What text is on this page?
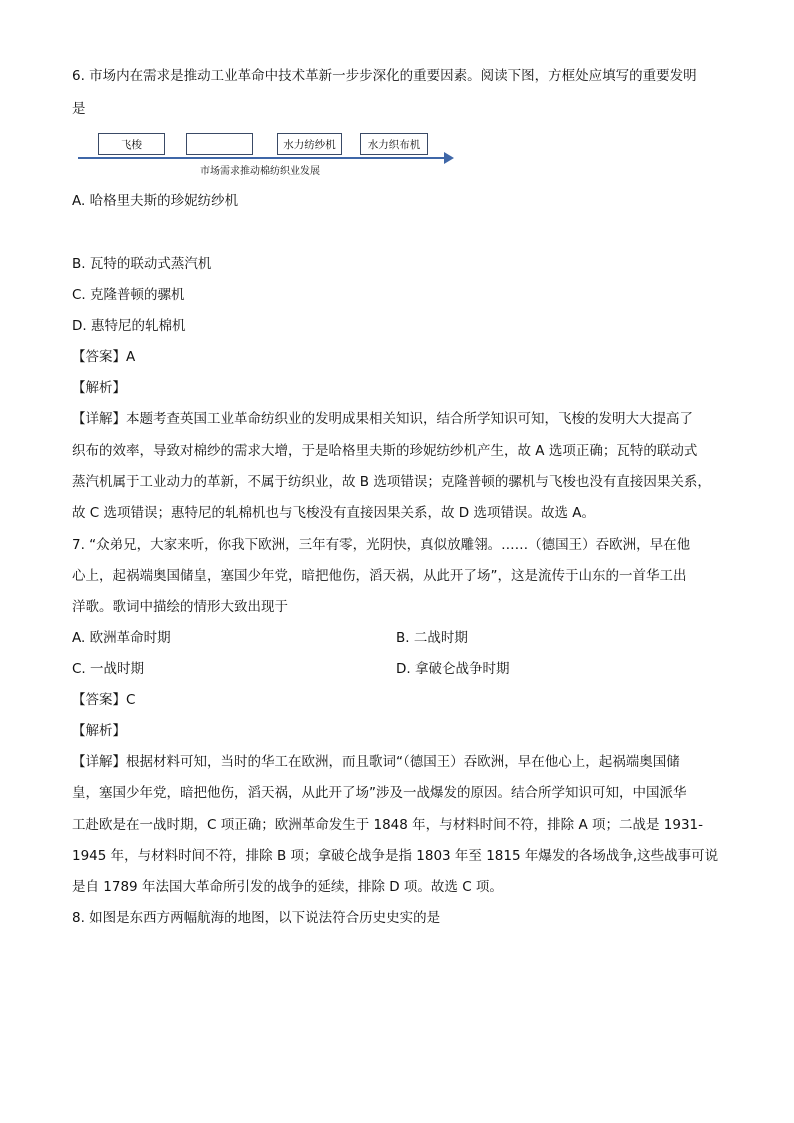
6. 市场内在需求是推动工业革命中技术革新一步步深化的重要因素。阅读下图，方框处应填写的重要发明
是
飞梭	水力纺纱机	水力织布机
市场需求推动棉纺织业发展
A. 哈格里夫斯的珍妮纺纱机
B. 瓦特的联动式蒸汽机
C. 克隆普顿的骡机
D. 惠特尼的轧棉机
【答案】A
【解析】
【详解】本题考查英国工业革命纺织业的发明成果相关知识，结合所学知识可知，飞梭的发明大大提高了
织布的效率，导致对棉纱的需求大增，于是哈格里夫斯的珍妮纺纱机产生，故 A 选项正确；瓦特的联动式
蒸汽机属于工业动力的革新，不属于纺织业，故 B 选项错误；克隆普顿的骡机与飞梭也没有直接因果关系，
故 C 选项错误；惠特尼的轧棉机也与飞梭没有直接因果关系，故 D 选项错误。故选 A。
7. “众弟兄，大家来听，你我下欧洲，三年有零，光阴快，真似放雕翎。……（德国王）吞欧洲，早在他
心上，起祸端奥国储皇，塞国少年党，暗把他伤，滔天祸，从此开了场”，这是流传于山东的一首华工出
洋歌。歌词中描绘的情形大致出现于
A. 欧洲革命时期	B. 二战时期
C. 一战时期	D. 拿破仑战争时期
【答案】C
【解析】
【详解】根据材料可知，当时的华工在欧洲，而且歌词“（德国王）吞欧洲，早在他心上，起祸端奥国储
皇，塞国少年党，暗把他伤，滔天祸，从此开了场”涉及一战爆发的原因。结合所学知识可知，中国派华
工赴欧是在一战时期，C 项正确；欧洲革命发生于 1848 年，与材料时间不符，排除 A 项；二战是 1931-
1945 年，与材料时间不符，排除 B 项；拿破仑战争是指 1803 年至 1815 年爆发的各场战争,这些战事可说
是自 1789 年法国大革命所引发的战争的延续，排除 D 项。故选 C 项。
8. 如图是东西方两幅航海的地图，以下说法符合历史史实的是
